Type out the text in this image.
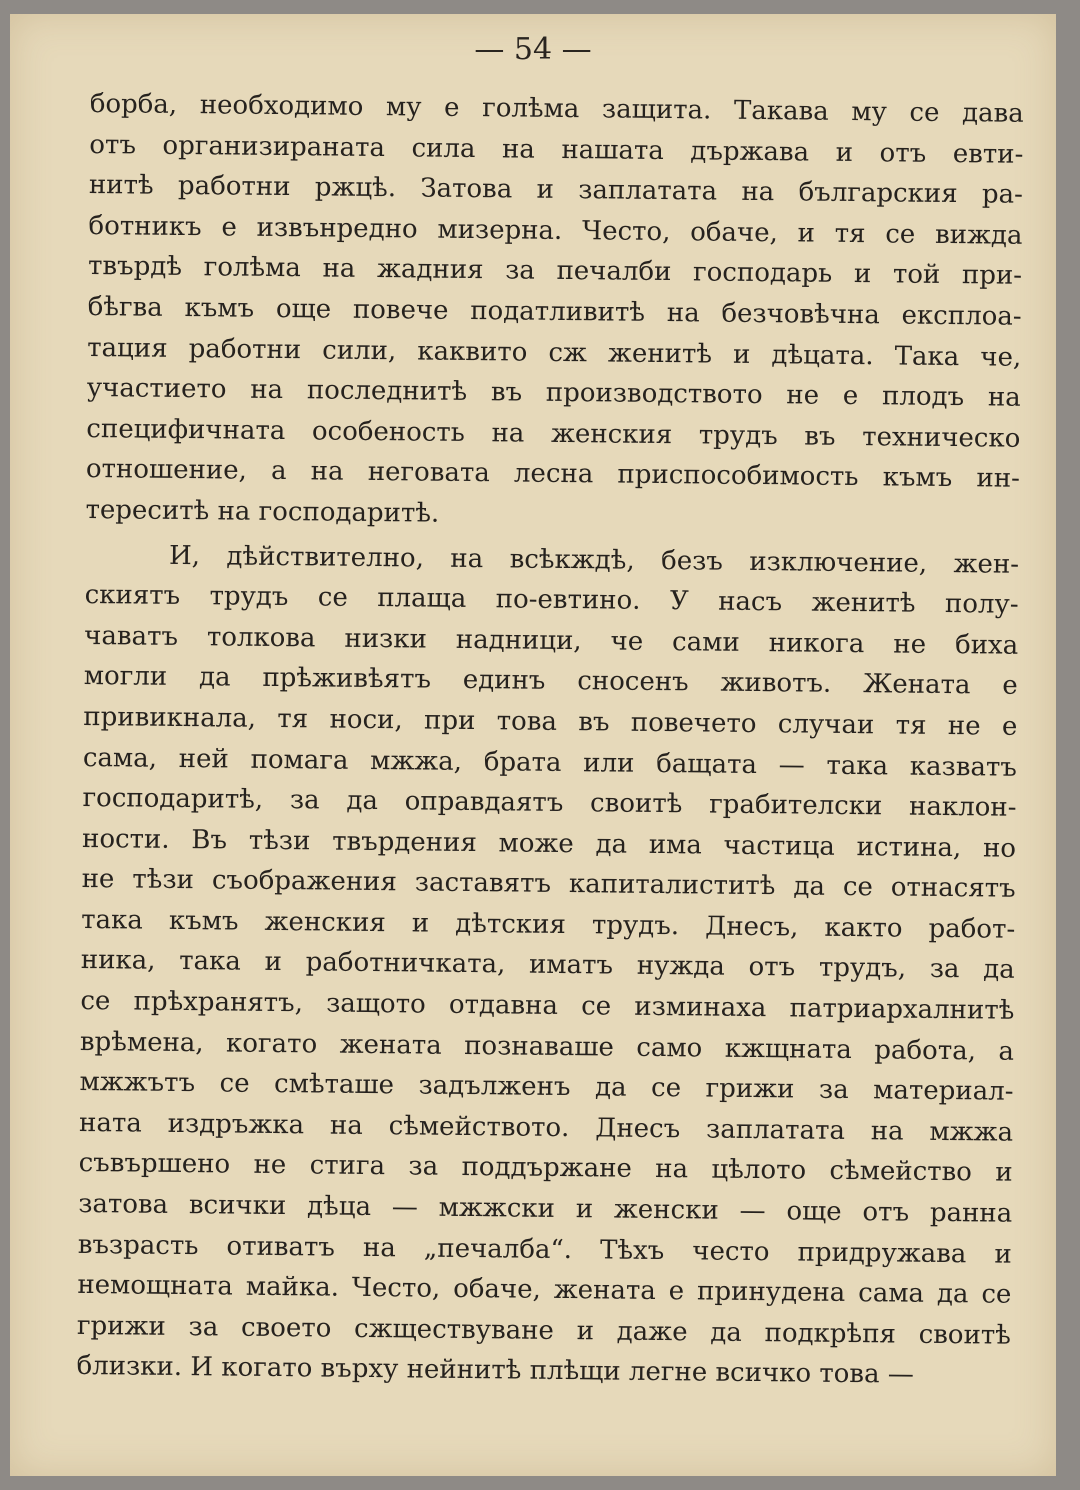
— 54 —
борба, необходимо му е голѣма защита. Такава му се дава
отъ организираната сила на нашата държава и отъ евти-
нитѣ работни ржцѣ. Затова и заплатата на българския ра-
ботникъ е извънредно мизерна. Често, обаче, и тя се вижда
твърдѣ голѣма на жадния за печалби господарь и той при-
бѣгва къмъ още повече податливитѣ на безчовѣчна експлоа-
тация работни сили, каквито сж женитѣ и дѣцата. Така че,
участието на последнитѣ въ производството не е плодъ на
специфичната особеность на женския трудъ въ техническо
отношение, а на неговата лесна приспособимость къмъ ин-
тереситѣ на господаритѣ.
И, дѣйствително, на всѣкждѣ, безъ изключение, жен-
скиятъ трудъ се плаща по-евтино. У насъ женитѣ полу-
чаватъ толкова низки надници, че сами никога не биха
могли да прѣживѣятъ единъ сносенъ животъ. Жената е
привикнала, тя носи, при това въ повечето случаи тя не е
сама, ней помага мжжа, брата или бащата — така казватъ
господаритѣ, за да оправдаятъ своитѣ грабителски наклон-
ности. Въ тѣзи твърдения може да има частица истина, но
не тѣзи съображения заставятъ капиталиститѣ да се отнасятъ
така къмъ женския и дѣтския трудъ. Днесъ, както работ-
ника, така и работничката, иматъ нужда отъ трудъ, за да
се прѣхранятъ, защото отдавна се изминаха патриархалнитѣ
врѣмена, когато жената познаваше само кжщната работа, а
мжжътъ се смѣташе задълженъ да се грижи за материал-
ната издръжка на сѣмейството. Днесъ заплатата на мжжа
съвършено не стига за поддържане на цѣлото сѣмейство и
затова всички дѣца — мжжски и женски — още отъ ранна
възрасть отиватъ на „печалба“. Тѣхъ често придружава и
немощната майка. Често, обаче, жената е принудена сама да се
грижи за своето сжществуване и даже да подкрѣпя своитѣ
близки. И когато върху нейнитѣ плѣщи легне всичко това —
